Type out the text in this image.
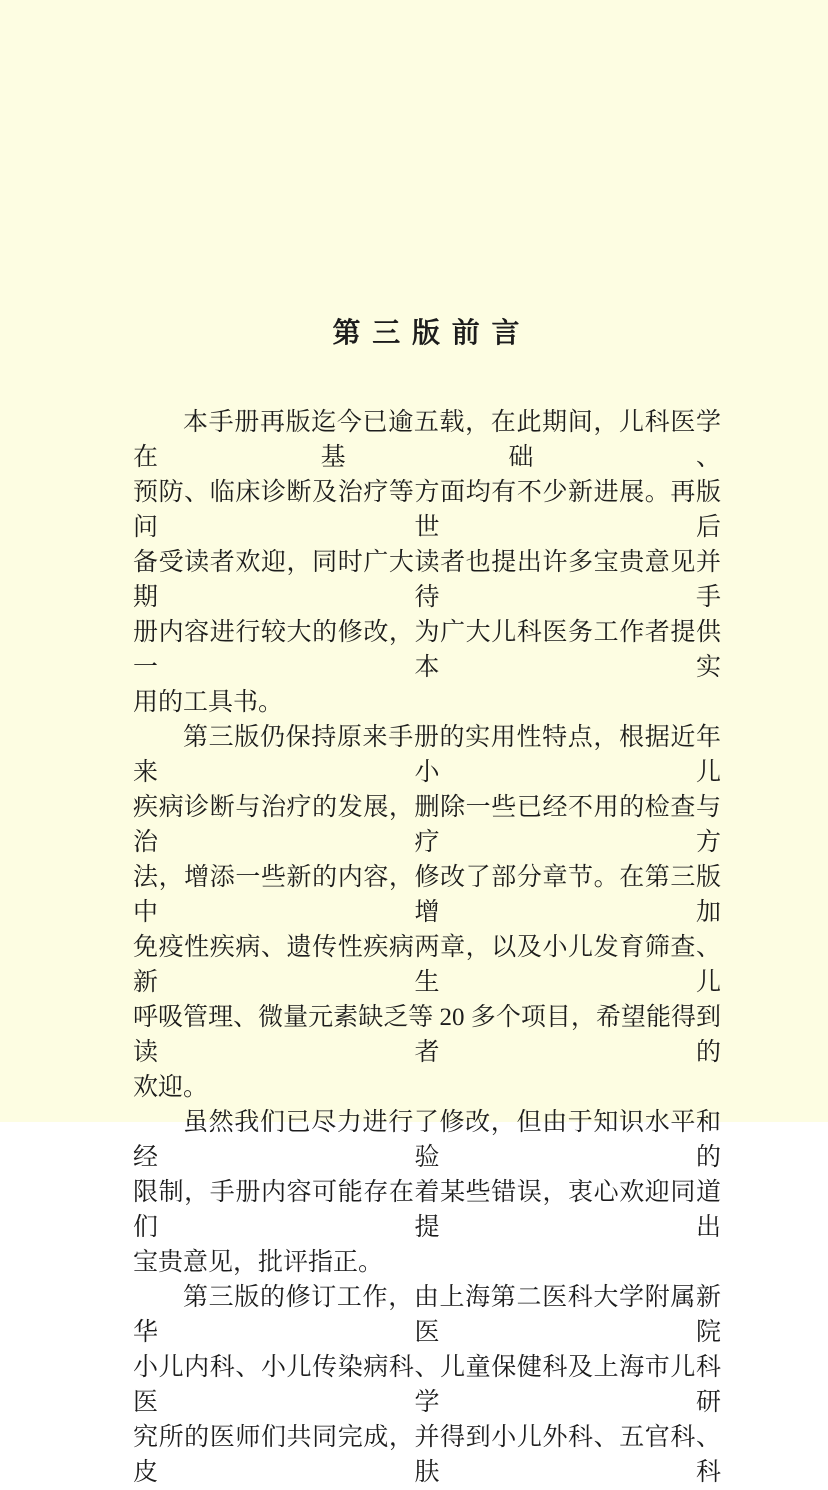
第 三 版 前 言
本手册再版迄今已逾五载，在此期间，儿科医学在基础、
预防、临床诊断及治疗等方面均有不少新进展。再版问世后
备受读者欢迎，同时广大读者也提出许多宝贵意见并期待手
册内容进行较大的修改，为广大儿科医务工作者提供一本实
用的工具书。
第三版仍保持原来手册的实用性特点，根据近年来小儿
疾病诊断与治疗的发展，删除一些已经不用的检查与治疗方
法，增添一些新的内容，修改了部分章节。在第三版中增加
免疫性疾病、遗传性疾病两章，以及小儿发育筛查、新生儿
呼吸管理、微量元素缺乏等 20 多个项目，希望能得到读者的
欢迎。
虽然我们已尽力进行了修改，但由于知识水平和经验的
限制，手册内容可能存在着某些错误，衷心欢迎同道们提出
宝贵意见，批评指正。
第三版的修订工作，由上海第二医科大学附属新华医院
小儿内科、小儿传染病科、儿童保健科及上海市儿科医学研
究所的医师们共同完成，并得到小儿外科、五官科、皮肤科
